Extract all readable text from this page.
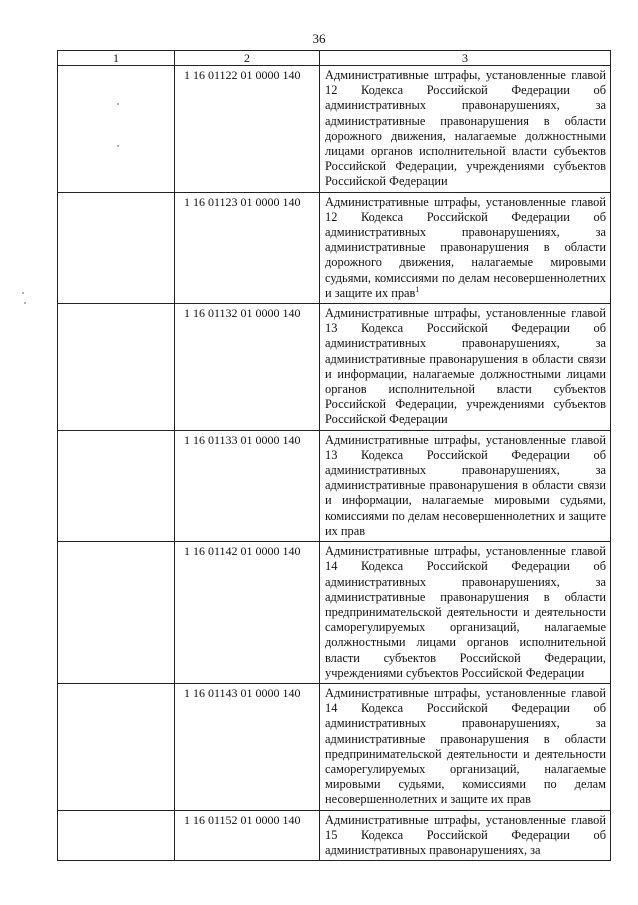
36
1	2	3
	1 16 01122 01 0000 140	Административные штрафы, установленные главой 12 Кодекса Российской Федерации об административных правонарушениях, за административные правонарушения в области дорожного движения, налагаемые должностными лицами органов исполнительной власти субъектов Российской Федерации, учреждениями субъектов Российской Федерации
	1 16 01123 01 0000 140	Административные штрафы, установленные главой 12 Кодекса Российской Федерации об административных правонарушениях, за административные правонарушения в области дорожного движения, налагаемые мировыми судьями, комиссиями по делам несовершеннолетних и защите их прав$^1$
	1 16 01132 01 0000 140	Административные штрафы, установленные главой 13 Кодекса Российской Федерации об административных правонарушениях, за административные правонарушения в области связи и информации, налагаемые должностными лицами органов исполнительной власти субъектов Российской Федерации, учреждениями субъектов Российской Федерации
	1 16 01133 01 0000 140	Административные штрафы, установленные главой 13 Кодекса Российской Федерации об административных правонарушениях, за административные правонарушения в области связи и информации, налагаемые мировыми судьями, комиссиями по делам несовершеннолетних и защите их прав
	1 16 01142 01 0000 140	Административные штрафы, установленные главой 14 Кодекса Российской Федерации об административных правонарушениях, за административные правонарушения в области предпринимательской деятельности и деятельности саморегулируемых организаций, налагаемые должностными лицами органов исполнительной власти субъектов Российской Федерации, учреждениями субъектов Российской Федерации
	1 16 01143 01 0000 140	Административные штрафы, установленные главой 14 Кодекса Российской Федерации об административных правонарушениях, за административные правонарушения в области предпринимательской деятельности и деятельности саморегулируемых организаций, налагаемые мировыми судьями, комиссиями по делам несовершеннолетних и защите их прав
	1 16 01152 01 0000 140	Административные штрафы, установленные главой 15 Кодекса Российской Федерации об административных правонарушениях, за
